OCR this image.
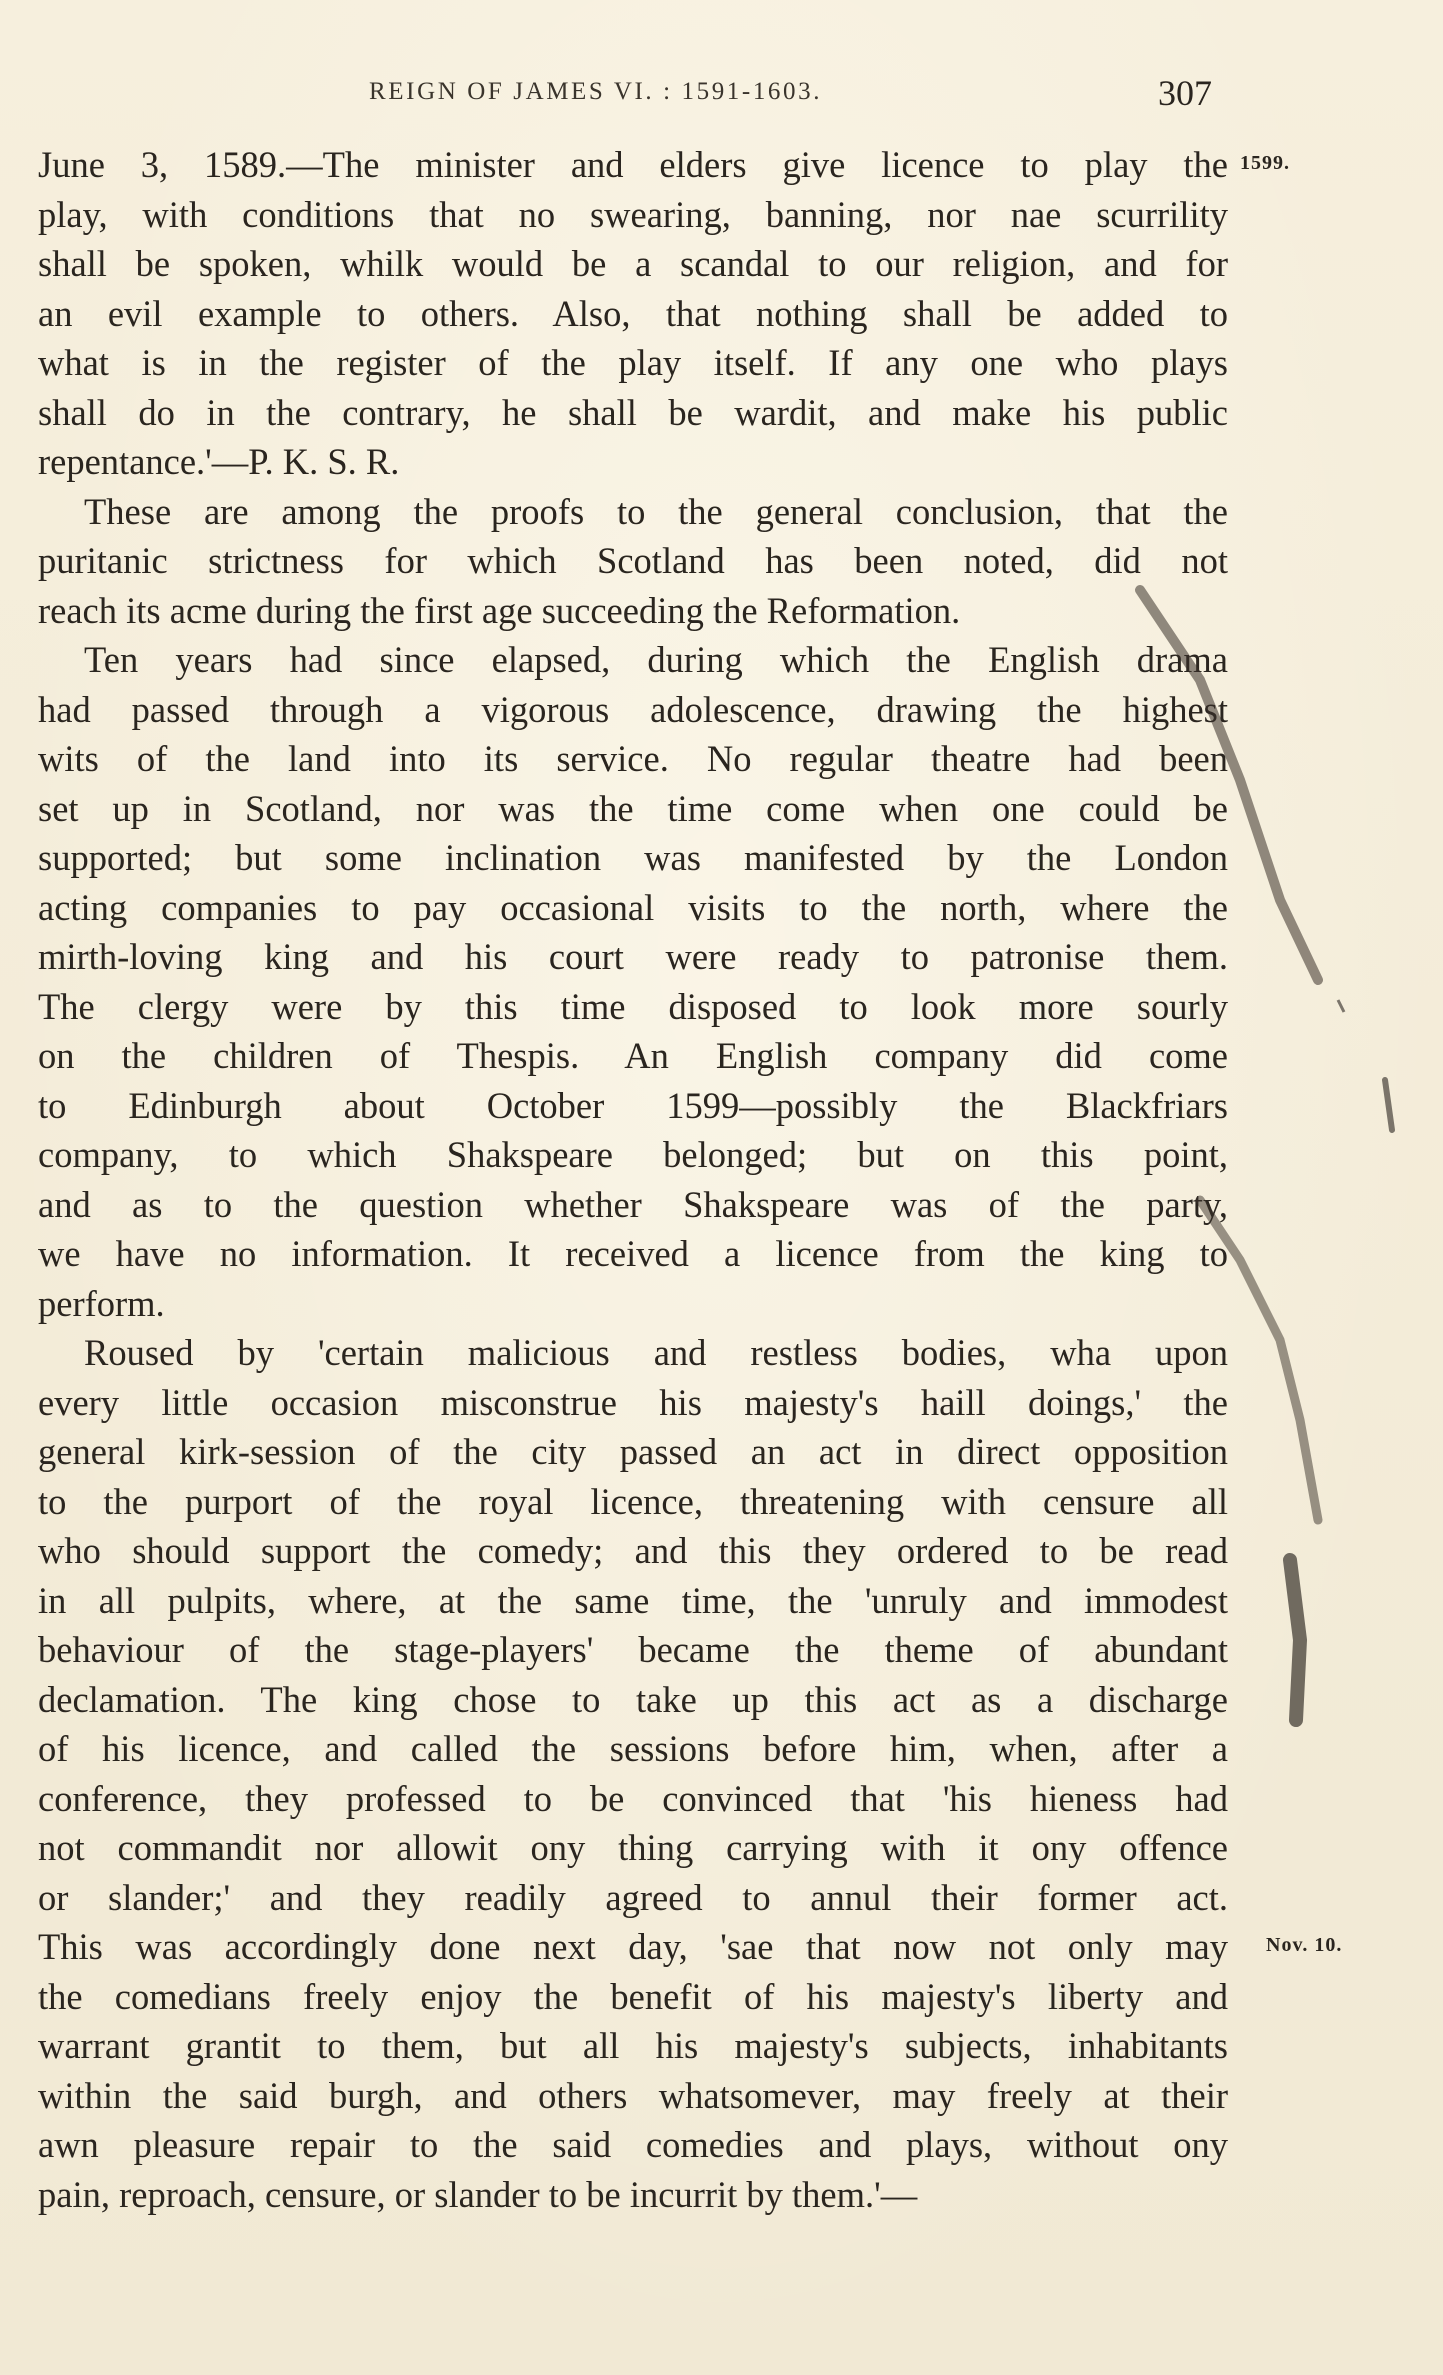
REIGN OF JAMES VI. : 1591-1603.	307
June 3, 1589.—The minister and elders give licence to play the
play, with conditions that no swearing, banning, nor nae scurrility
shall be spoken, whilk would be a scandal to our religion, and for
an evil example to others. Also, that nothing shall be added to
what is in the register of the play itself. If any one who plays
shall do in the contrary, he shall be wardit, and make his public
repentance.'—P. K. S. R.
These are among the proofs to the general conclusion, that the
puritanic strictness for which Scotland has been noted, did not
reach its acme during the first age succeeding the Reformation.
Ten years had since elapsed, during which the English drama
had passed through a vigorous adolescence, drawing the highest
wits of the land into its service. No regular theatre had been
set up in Scotland, nor was the time come when one could be
supported; but some inclination was manifested by the London
acting companies to pay occasional visits to the north, where the
mirth-loving king and his court were ready to patronise them.
The clergy were by this time disposed to look more sourly
on the children of Thespis. An English company did come
to Edinburgh about October 1599—possibly the Blackfriars
company, to which Shakspeare belonged; but on this point,
and as to the question whether Shakspeare was of the party,
we have no information. It received a licence from the king to
perform.
Roused by 'certain malicious and restless bodies, wha upon
every little occasion misconstrue his majesty's haill doings,' the
general kirk-session of the city passed an act in direct opposition
to the purport of the royal licence, threatening with censure all
who should support the comedy; and this they ordered to be read
in all pulpits, where, at the same time, the 'unruly and immodest
behaviour of the stage-players' became the theme of abundant
declamation. The king chose to take up this act as a discharge
of his licence, and called the sessions before him, when, after a
conference, they professed to be convinced that 'his hieness had
not commandit nor allowit ony thing carrying with it ony offence
or slander;' and they readily agreed to annul their former act.
This was accordingly done next day, 'sae that now not only may
the comedians freely enjoy the benefit of his majesty's liberty and
warrant grantit to them, but all his majesty's subjects, inhabitants
within the said burgh, and others whatsomever, may freely at their
awn pleasure repair to the said comedies and plays, without ony
pain, reproach, censure, or slander to be incurrit by them.'—
1599.
Nov. 10.
